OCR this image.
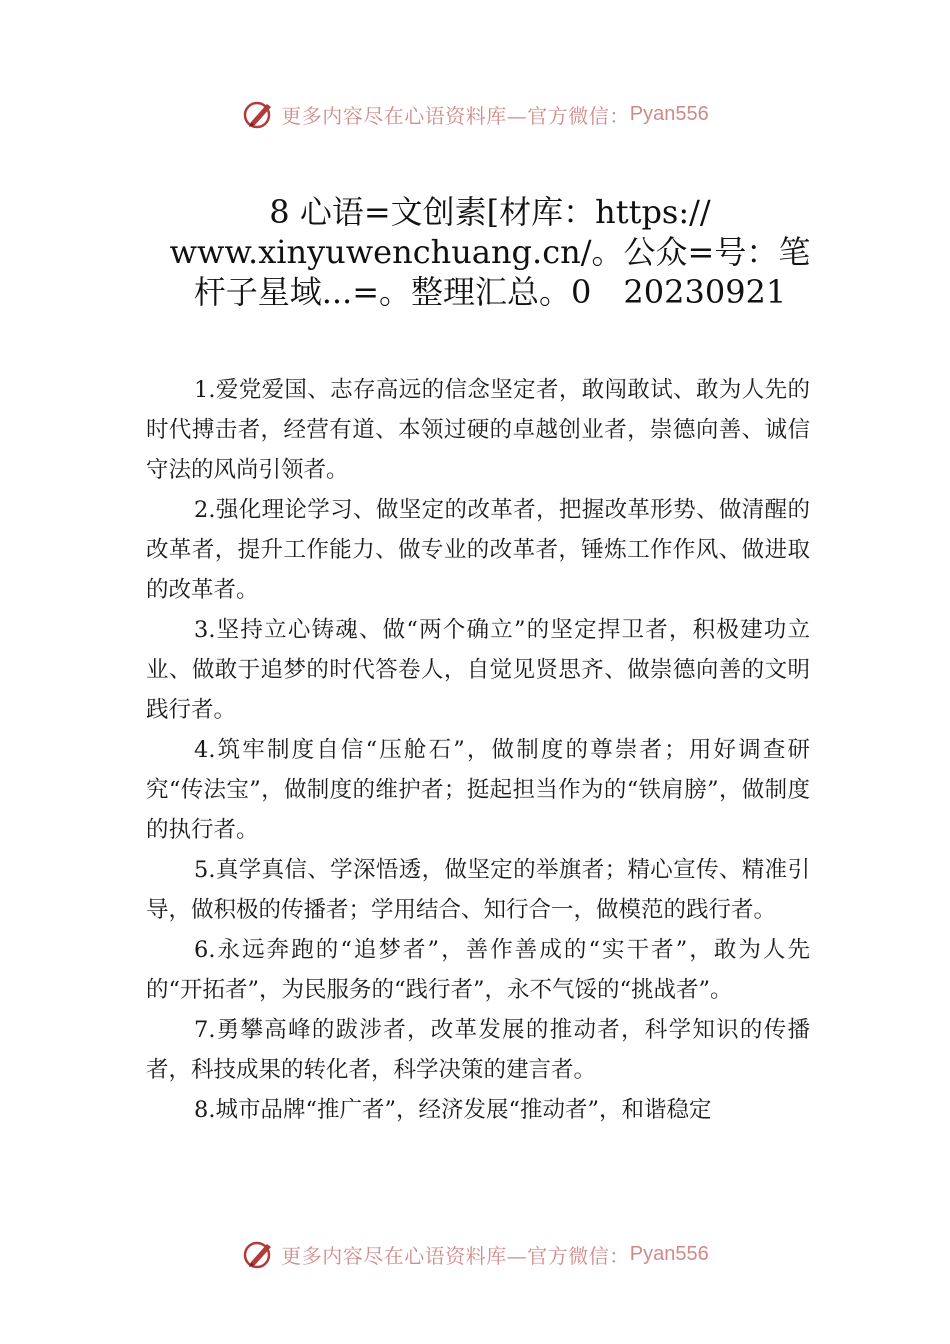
更多内容尽在心语资料库—官方微信： Pyan556
8 心语=文创素[材库：https://
www.xinyuwenchuang.cn/。公众=号：笔
杆子星域...=。整理汇总。0　20230921

1.爱党爱国、志存高远的信念坚定者，敢闯敢试、敢为人先的时代搏击者，经营有道、本领过硬的卓越创业者，崇德向善、诚信守法的风尚引领者。

2.强化理论学习、做坚定的改革者，把握改革形势、做清醒的改革者，提升工作能力、做专业的改革者，锤炼工作作风、做进取的改革者。

3.坚持立心铸魂、做“两个确立”的坚定捍卫者，积极建功立业、做敢于追梦的时代答卷人，自觉见贤思齐、做崇德向善的文明践行者。

4.筑牢制度自信“压舱石”，做制度的尊崇者；用好调查研究“传法宝”，做制度的维护者；挺起担当作为的“铁肩膀”，做制度的执行者。

5.真学真信、学深悟透，做坚定的举旗者；精心宣传、精准引导，做积极的传播者；学用结合、知行合一，做模范的践行者。

6.永远奔跑的“追梦者”，善作善成的“实干者”，敢为人先的“开拓者”，为民服务的“践行者”，永不气馁的“挑战者”。

7.勇攀高峰的跋涉者，改革发展的推动者，科学知识的传播者，科技成果的转化者，科学决策的建言者。

8.城市品牌“推广者”，经济发展“推动者”，和谐稳定

更多内容尽在心语资料库—官方微信： Pyan556
